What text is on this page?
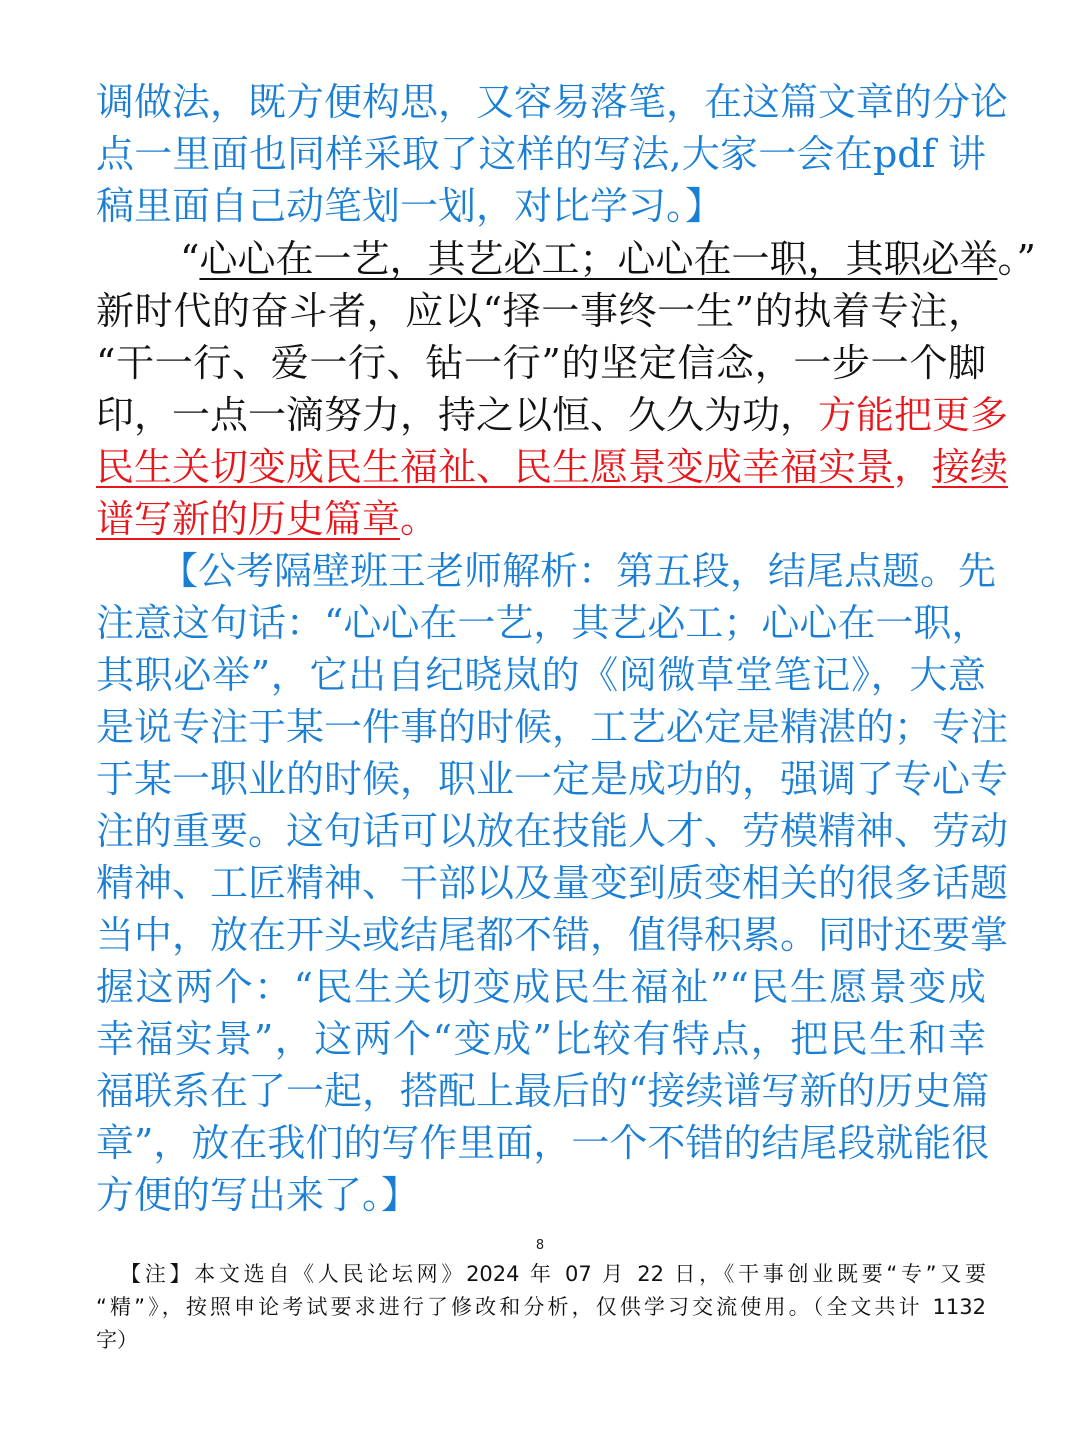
调做法，既方便构思，又容易落笔，在这篇文章的分论
点一里面也同样采取了这样的写法,大家一会在pdf 讲
稿里面自己动笔划一划，对比学习。】
“心心在一艺，其艺必工；心心在一职，其职必举。”
新时代的奋斗者，应以“择一事终一生”的执着专注，
“干一行、爱一行、钻一行”的坚定信念，一步一个脚
印，一点一滴努力，持之以恒、久久为功，方能把更多
民生关切变成民生福祉、民生愿景变成幸福实景，接续
谱写新的历史篇章。
【公考隔壁班王老师解析：第五段，结尾点题。先
注意这句话：“心心在一艺，其艺必工；心心在一职，
其职必举”，它出自纪晓岚的《阅微草堂笔记》，大意
是说专注于某一件事的时候，工艺必定是精湛的；专注
于某一职业的时候，职业一定是成功的，强调了专心专
注的重要。这句话可以放在技能人才、劳模精神、劳动
精神、工匠精神、干部以及量变到质变相关的很多话题
当中，放在开头或结尾都不错，值得积累。同时还要掌
握这两个：“民生关切变成民生福祉”“民生愿景变成
幸福实景”，这两个“变成”比较有特点，把民生和幸
福联系在了一起，搭配上最后的“接续谱写新的历史篇
章”，放在我们的写作里面，一个不错的结尾段就能很
方便的写出来了。】
8
【注】本文选自《人民论坛网》2024 年 07 月 22 日，《干事创业既要“专”又要
“精”》，按照申论考试要求进行了修改和分析，仅供学习交流使用。（全文共计 1132
字）
